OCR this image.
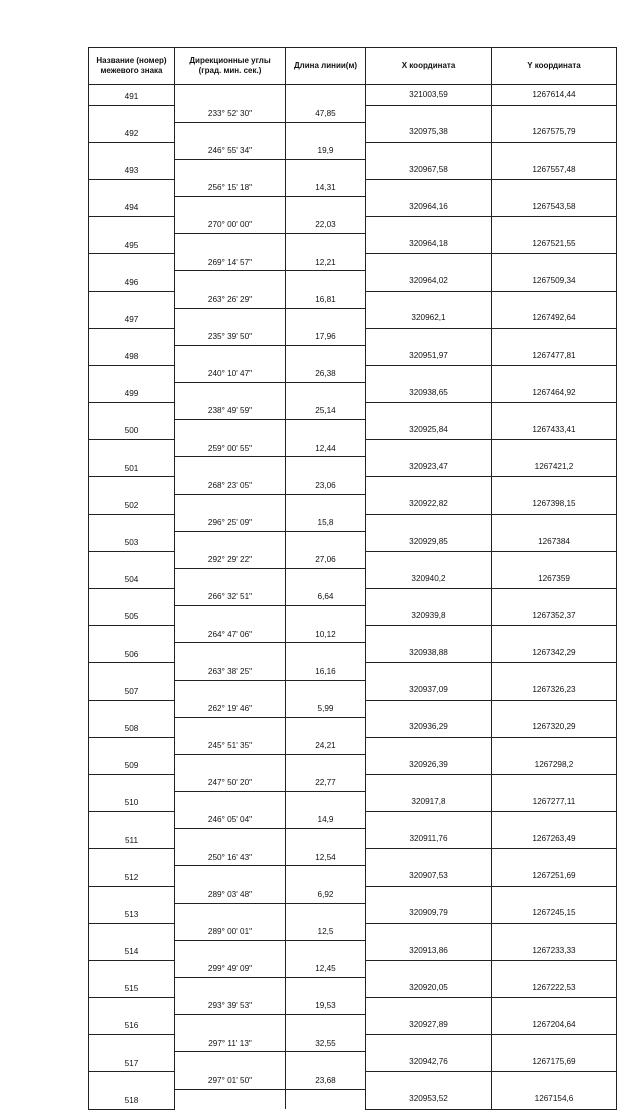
Название (номер) межевого знака	Дирекционные углы (град. мин. сек.)	Длина линии(м)	X координата	Y координата
491			321003,59	1267614,44
	233° 52' 30"	47,85		
492			320975,38	1267575,79
	246° 55' 34"	19,9		
493			320967,58	1267557,48
	256° 15' 18"	14,31		
494			320964,16	1267543,58
	270° 00' 00"	22,03		
495			320964,18	1267521,55
	269° 14' 57"	12,21		
496			320964,02	1267509,34
	263° 26' 29"	16,81		
497			320962,1	1267492,64
	235° 39' 50"	17,96		
498			320951,97	1267477,81
	240° 10' 47"	26,38		
499			320938,65	1267464,92
	238° 49' 59"	25,14		
500			320925,84	1267433,41
	259° 00' 55"	12,44		
501			320923,47	1267421,2
	268° 23' 05"	23,06		
502			320922,82	1267398,15
	296° 25' 09"	15,8		
503			320929,85	1267384
	292° 29' 22"	27,06		
504			320940,2	1267359
	266° 32' 51"	6,64		
505			320939,8	1267352,37
	264° 47' 06"	10,12		
506			320938,88	1267342,29
	263° 38' 25"	16,16		
507			320937,09	1267326,23
	262° 19' 46"	5,99		
508			320936,29	1267320,29
	245° 51' 35"	24,21		
509			320926,39	1267298,2
	247° 50' 20"	22,77		
510			320917,8	1267277,11
	246° 05' 04"	14,9		
511			320911,76	1267263,49
	250° 16' 43"	12,54		
512			320907,53	1267251,69
	289° 03' 48"	6,92		
513			320909,79	1267245,15
	289° 00' 01"	12,5		
514			320913,86	1267233,33
	299° 49' 09"	12,45		
515			320920,05	1267222,53
	293° 39' 53"	19,53		
516			320927,89	1267204,64
	297° 11' 13"	32,55		
517			320942,76	1267175,69
	297° 01' 50"	23,68		
518			320953,52	1267154,6
